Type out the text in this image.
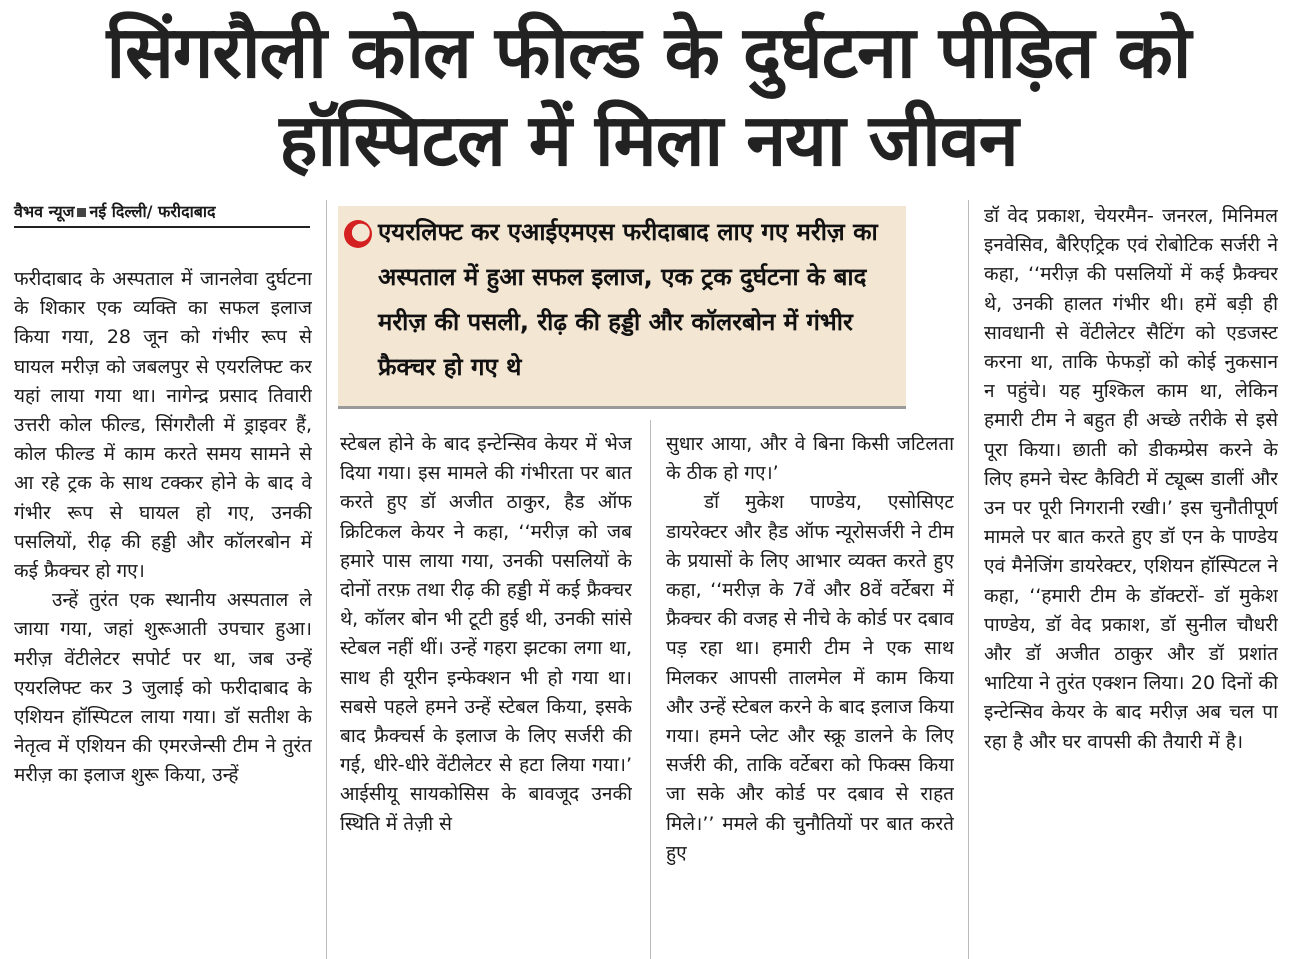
सिंगरौली कोल फील्ड के दुर्घटना पीड़ित को
हॉस्पिटल में मिला नया जीवन
वैभव न्यूज नई दिल्ली/ फरीदाबाद

फरीदाबाद के अस्पताल में जानलेवा दुर्घटना के शिकार एक व्यक्ति का सफल इलाज किया गया, 28 जून को गंभीर रूप से घायल मरीज़ को जबलपुर से एयरलिफ्ट कर यहां लाया गया था। नागेन्द्र प्रसाद तिवारी उत्तरी कोल फील्ड, सिंगरौली में ड्राइवर हैं, कोल फील्ड में काम करते समय सामने से आ रहे ट्रक के साथ टक्कर होने के बाद वे गंभीर रूप से घायल हो गए, उनकी पसलियों, रीढ़ की हड्डी और कॉलरबोन में कई फ्रैक्चर हो गए।

उन्हें तुरंत एक स्थानीय अस्पताल ले जाया गया, जहां शुरूआती उपचार हुआ। मरीज़ वेंटीलेटर सपोर्ट पर था, जब उन्हें एयरलिफ्ट कर 3 जुलाई को फरीदाबाद के एशियन हॉस्पिटल लाया गया। डॉ सतीश के नेतृत्व में एशियन की एमरजेन्सी टीम ने तुरंत मरीज़ का इलाज शुरू किया, उन्हें

एयरलिफ्ट कर एआईएमएस फरीदाबाद लाए गए मरीज़ का अस्पताल में हुआ सफल इलाज, एक ट्रक दुर्घटना के बाद मरीज़ की पसली, रीढ़ की हड्डी और कॉलरबोन में गंभीर फ्रैक्चर हो गए थे

स्टेबल होने के बाद इन्टेन्सिव केयर में भेज दिया गया। इस मामले की गंभीरता पर बात करते हुए डॉ अजीत ठाकुर, हैड ऑफ क्रिटिकल केयर ने कहा, ‘‘मरीज़ को जब हमारे पास लाया गया, उनकी पसलियों के दोनों तरफ़ तथा रीढ़ की हड्डी में कई फ्रैक्चर थे, कॉलर बोन भी टूटी हुई थी, उनकी सांसे स्टेबल नहीं थीं। उन्हें गहरा झटका लगा था, साथ ही यूरीन इन्फेक्शन भी हो गया था। सबसे पहले हमने उन्हें स्टेबल किया, इसके बाद फ्रैक्चर्स के इलाज के लिए सर्जरी की गई, धीरे-धीरे वेंटीलेटर से हटा लिया गया।’ आईसीयू सायकोसिस के बावजूद उनकी स्थिति में तेज़ी से

सुधार आया, और वे बिना किसी जटिलता के ठीक हो गए।’

डॉ मुकेश पाण्डेय, एसोसिएट डायरेक्टर और हैड ऑफ न्यूरोसर्जरी ने टीम के प्रयासों के लिए आभार व्यक्त करते हुए कहा, ‘‘मरीज़ के 7वें और 8वें वर्टेबरा में फ्रैक्चर की वजह से नीचे के कोर्ड पर दबाव पड़ रहा था। हमारी टीम ने एक साथ मिलकर आपसी तालमेल में काम किया और उन्हें स्टेबल करने के बाद इलाज किया गया। हमने प्लेट और स्क्रू डालने के लिए सर्जरी की, ताकि वर्टेबरा को फिक्स किया जा सके और कोर्ड पर दबाव से राहत मिले।’’ ममले की चुनौतियों पर बात करते हुए

डॉ वेद प्रकाश, चेयरमैन- जनरल, मिनिमल इनवेसिव, बैरिएट्रिक एवं रोबोटिक सर्जरी ने कहा, ‘‘मरीज़ की पसलियों में कई फ्रैक्चर थे, उनकी हालत गंभीर थी। हमें बड़ी ही सावधानी से वेंटीलेटर सैटिंग को एडजस्ट करना था, ताकि फेफड़ों को कोई नुकसान न पहुंचे। यह मुश्किल काम था, लेकिन हमारी टीम ने बहुत ही अच्छे तरीके से इसे पूरा किया। छाती को डीकम्प्रेस करने के लिए हमने चेस्ट कैविटी में ट्यूब्स डालीं और उन पर पूरी निगरानी रखी।’ इस चुनौतीपूर्ण मामले पर बात करते हुए डॉ एन के पाण्डेय एवं मैनेजिंग डायरेक्टर, एशियन हॉस्पिटल ने कहा, ‘‘हमारी टीम के डॉक्टरों- डॉ मुकेश पाण्डेय, डॉ वेद प्रकाश, डॉ सुनील चौधरी और डॉ अजीत ठाकुर और डॉ प्रशांत भाटिया ने तुरंत एक्शन लिया। 20 दिनों की इन्टेन्सिव केयर के बाद मरीज़ अब चल पा रहा है और घर वापसी की तैयारी में है।
